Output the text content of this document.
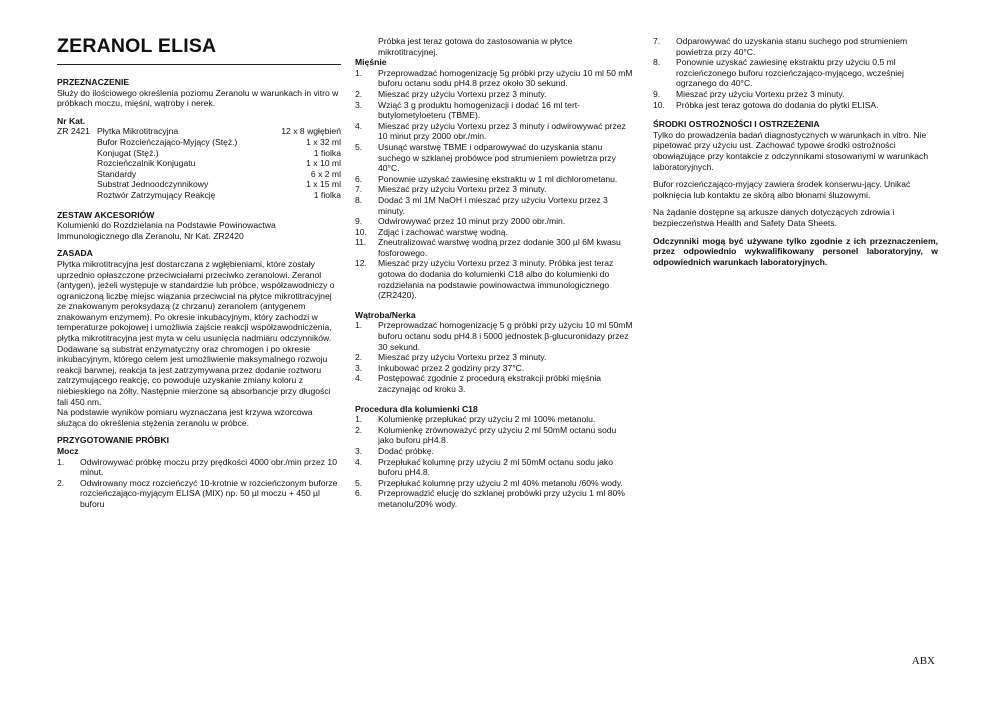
ZERANOL ELISA
PRZEZNACZENIE

Służy do ilościowego określenia poziomu Zeranolu w warunkach in vitro w próbkach moczu, mięśni, wątroby i nerek.

Nr Kat.
ZR 2421 Płytka Mikrotitracyjna	12 x 8 wgłębień
Bufor Rozcieńczająco-Myjący (Stęż.)	1 x 32 ml
Konjugat (Stęż.)	1 fiolka
Rozcieńczalnik Konjugatu	1 x 10 ml
Standardy	6 x 2 ml
Substrat Jednoodczynnikowy	1 x 15 ml
Roztwór Zatrzymujący Reakcję	1 fiolka
ZESTAW AKCESORIÓW

Kolumienki do Rozdzielania na Podstawie Powinowactwa Immunologicznego dla Zeranolu, Nr Kat. ZR2420

ZASADA

Płytka mikrotitracyjna jest dostarczana z wgłębieniami, które zostały uprzednio opłaszczone przeciwciałami przeciwko zeranolowi. Zeranol (antygen), jeżeli występuje w standardzie lub próbce, współzawodniczy o ograniczoną liczbę miejsc wiązania przeciwciał na płytce mikrotitracyjnej ze znakowanym peroksydazą (z chrzanu) zeranolem (antygenem znakowanym enzymem). Po okresie inkubacyjnym, który zachodzi w temperaturze pokojowej i umożliwia zajście reakcji współzawodniczenia, płytka mikrotitracyjna jest myta w celu usunięcia nadmiaru odczynników. Dodawane są substrat enzymatyczny oraz chromogen i po okresie inkubacyjnym, którego celem jest umożliwienie maksymalnego rozwoju reakcji barwnej, reakcja ta jest zatrzymywana przez dodanie roztworu zatrzymującego reakcję, co powoduje uzyskanie zmiany koloru z niebieskiego na żółty. Następnie mierzone są absorbancje przy długości fali 450 nm.

Na podstawie wyników pomiaru wyznaczana jest krzywa wzorcowa służąca do określenia stężenia zeranolu w próbce.

PRZYGOTOWANIE PRÓBKI
Mocz
1. Odwirowywać próbkę moczu przy prędkości 4000 obr./min przez 10 minut.
2. Odwirowany mocz rozcieńczyć 10-krotnie w rozcieńczonym buforze rozcieńczająco-myjącym ELISA (MIX) np. 50 µl moczu + 450 µl buforu

Próbka jest teraz gotowa do zastosowania w płytce mikrotitracyjnej.

Mięśnie
1. Przeprowadzać homogenizację 5g próbki przy użyciu 10 ml 50 mM buforu octanu sodu pH4.8 przez około 30 sekund.
2. Mieszać przy użyciu Vortexu przez 3 minuty.
3. Wziąć 3 g produktu homogenizacji i dodać 16 ml tert-butylometyloeteru (TBME).
4. Mieszać przy użyciu Vortexu przez 3 minuty i odwirowywać przez 10 minut przy 2000 obr./min.
5. Usunąć warstwę TBME i odparowywać do uzyskania stanu suchego w szklanej probówce pod strumieniem powietrza przy 40°C.
6. Ponownie uzyskać zawiesinę ekstraktu w 1 ml dichlorometanu.
7. Mieszać przy użyciu Vortexu przez 3 minuty.
8. Dodać 3 ml 1M NaOH i mieszać przy użyciu Vortexu przez 3 minuty.
9. Odwirowywać przez 10 minut przy 2000 obr./min.
10. Zdjąć i zachować warstwę wodną.
11. Zneutralizować warstwę wodną przez dodanie 300 µl 6M kwasu fosforowego.
12. Mieszać przy użyciu Vortexu przez 3 minuty. Próbka jest teraz gotowa do dodania do kolumienki C18 albo do kolumienki do rozdzielania na podstawie powinowactwa immunologicznego (ZR2420).
Wątroba/Nerka
1. Przeprowadzać homogenizację 5 g próbki przy użyciu 10 ml 50mM buforu octanu sodu pH4.8 i 5000 jednostek β-glucuronidazy przez 30 sekund.
2. Mieszać przy użyciu Vortexu przez 3 minuty.
3. Inkubować przez 2 godziny przy 37°C.
4. Postępować zgodnie z procedurą ekstrakcji próbki mięśnia zaczynając od kroku 3.
Procedura dla kolumienki C18
1. Kolumienkę przepłukać przy użyciu 2 ml 100% metanolu.
2. Kolumienkę zrównoważyć przy użyciu 2 ml 50mM octanu sodu jako buforu pH4.8.
3. Dodać próbkę.
4. Przepłukać kolumnę przy użyciu 2 ml 50mM octanu sodu jako buforu pH4.8.
5. Przepłukać kolumnę przy użyciu 2 ml 40% metanolu /60% wody.
6. Przeprowadzić elucję do szklanej probówki przy użyciu 1 ml 80% metanolu/20% wody.
7. Odparowywać do uzyskania stanu suchego pod strumieniem powietrza przy 40°C.
8. Ponownie uzyskać zawiesinę ekstraktu przy użyciu 0.5 ml rozcieńczonego buforu rozcieńczająco-myjącego, wcześniej ogrzanego do 40°C.
9. Mieszać przy użyciu Vortexu przez 3 minuty.
10. Próbka jest teraz gotowa do dodania do płytki ELISA.
ŚRODKI OSTROŻNOŚCI I OSTRZEŻENIA

Tylko do prowadzenia badań diagnostycznych w warunkach in vitro. Nie pipetować przy użyciu ust. Zachować typowe środki ostrożności obowiązujące przy kontakcie z odczynnikami stosowanymi w warunkach laboratoryjnych.

Bufor rozcieńczająco-myjący zawiera środek konserwu-jący. Unikać połknięcia lub kontaktu ze skórą albo błonami śluzowymi.

Na żądanie dostępne są arkusze danych dotyczących zdrowia i bezpieczeństwa Health and Safety Data Sheets.

Odczynniki mogą być używane tylko zgodnie z ich przeznaczeniem, przez odpowiednio wykwalifikowany personel laboratoryjny, w odpowiednich warunkach laboratoryjnych.

ABX
